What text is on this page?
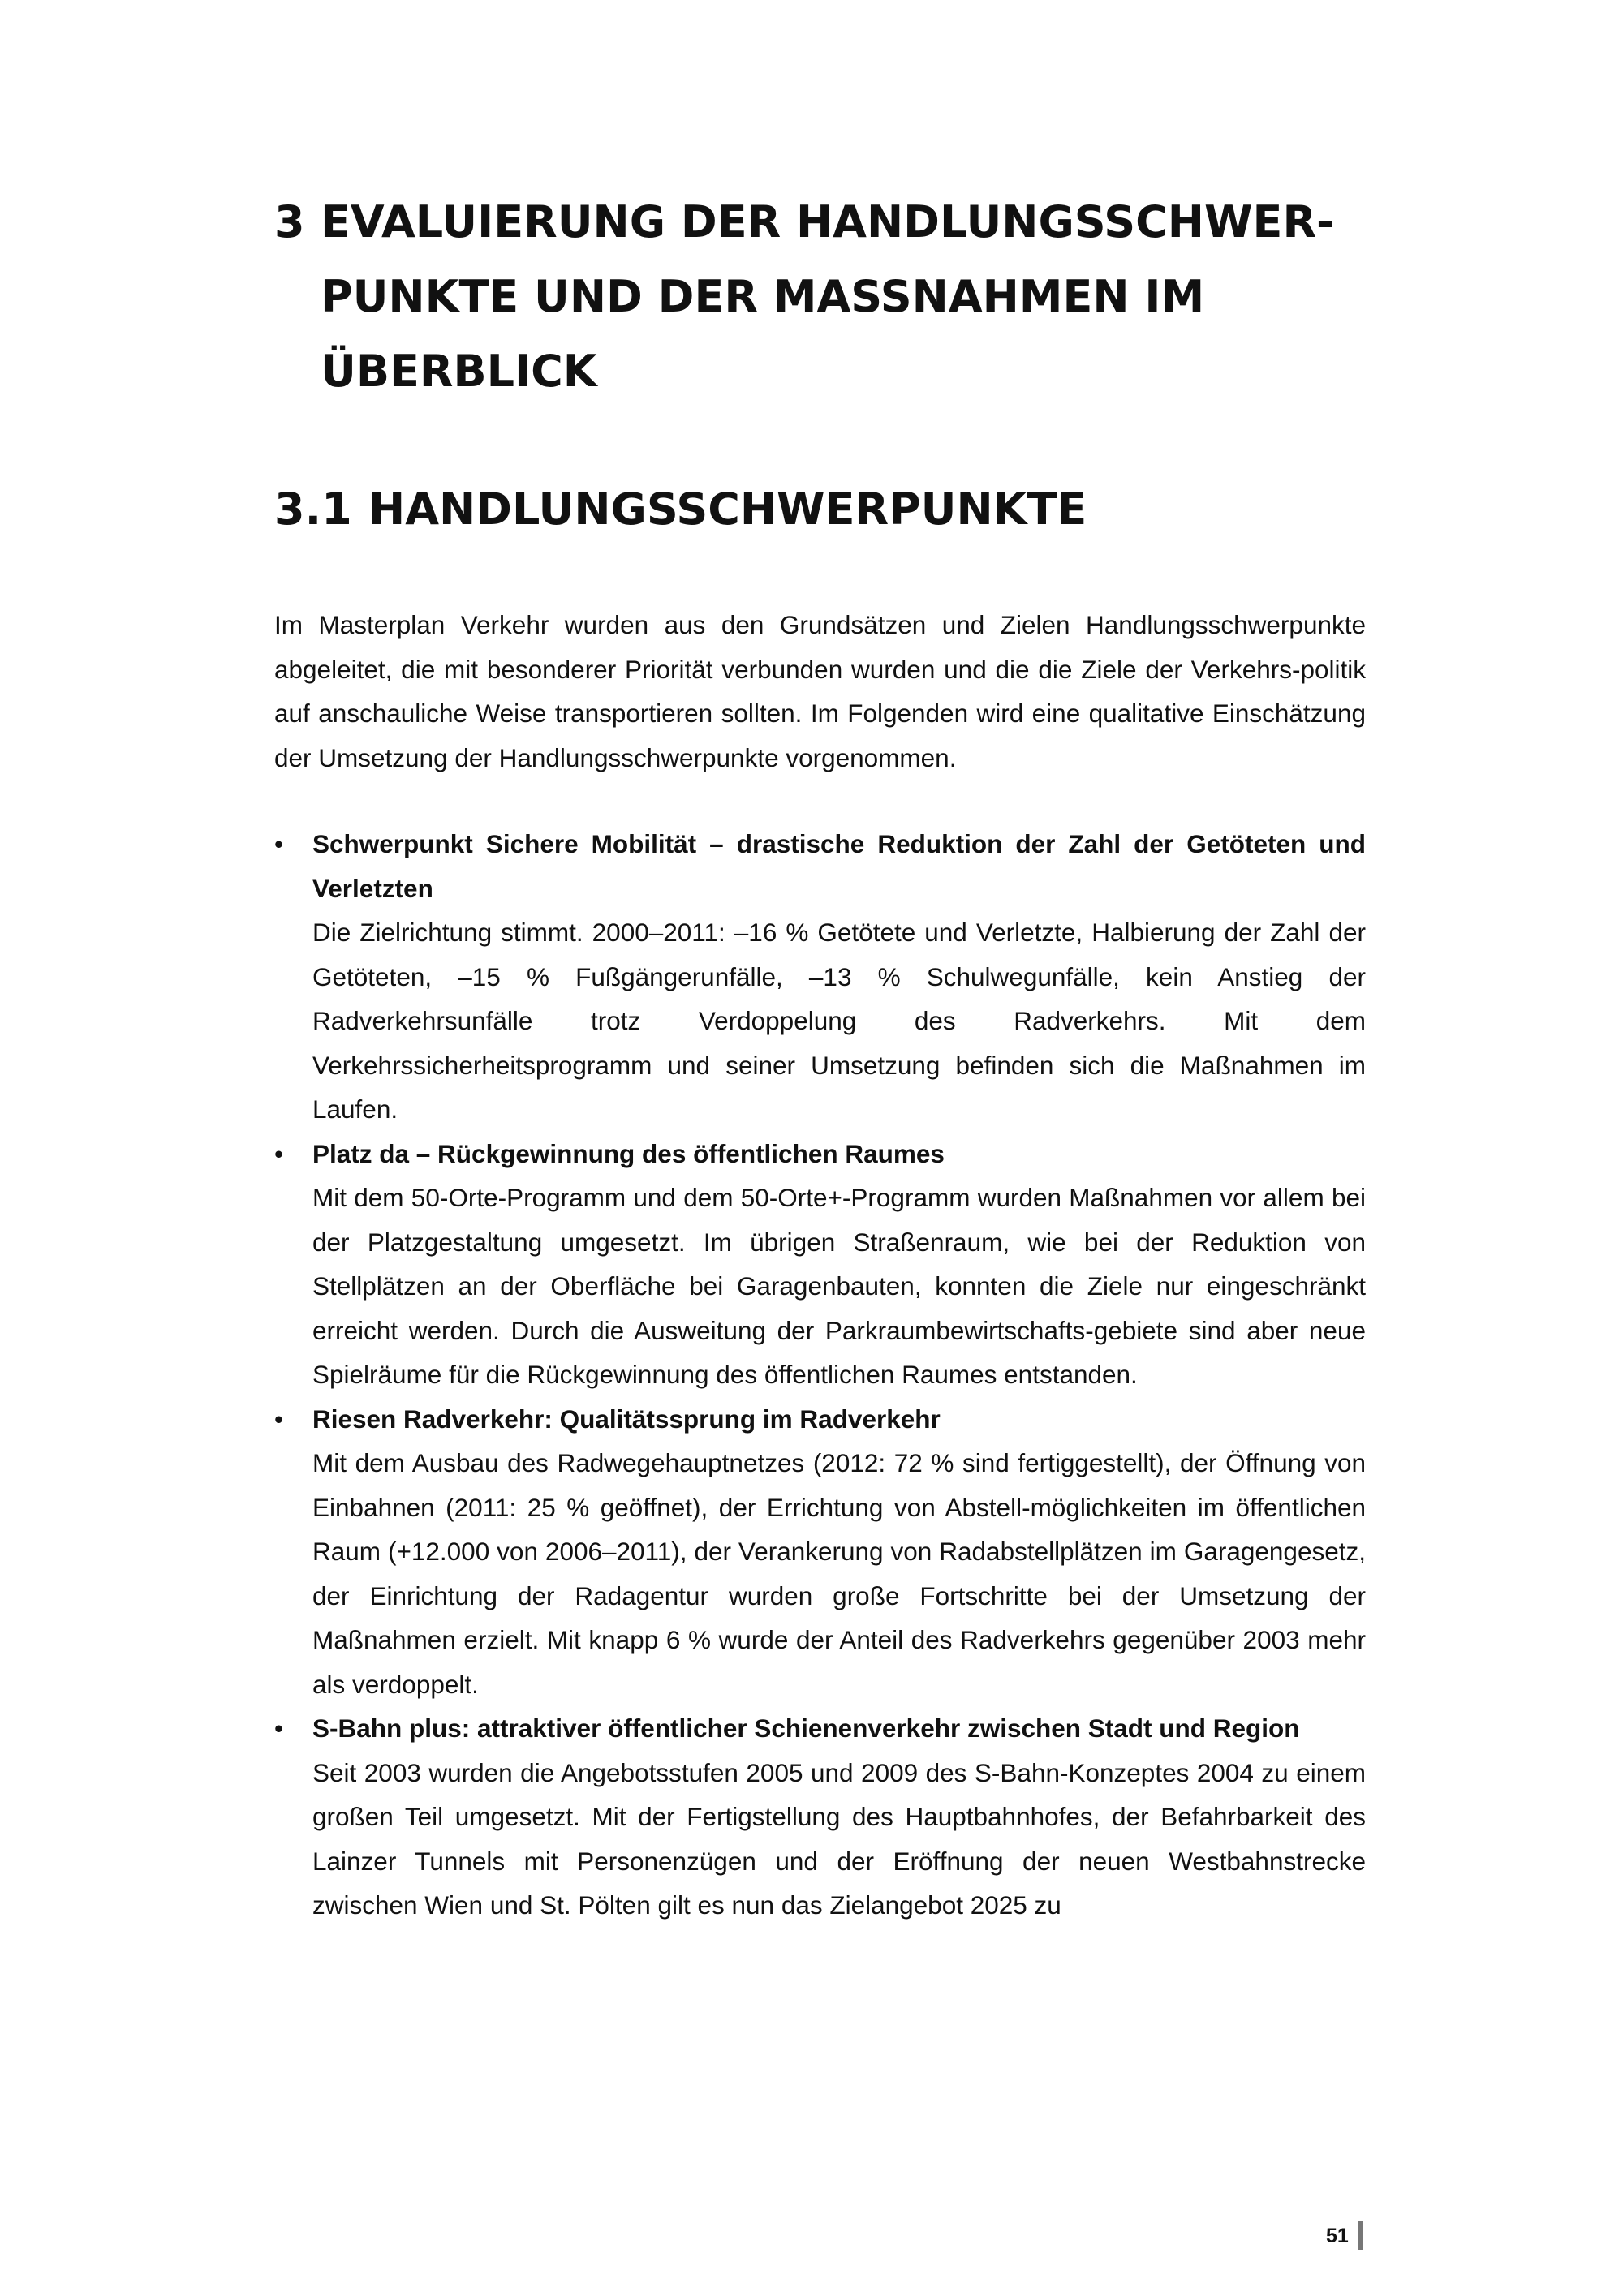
3 EVALUIERUNG DER HANDLUNGSSCHWER-PUNKTE UND DER MASSNAHMEN IM ÜBERBLICK
3.1 HANDLUNGSSCHWERPUNKTE

Im Masterplan Verkehr wurden aus den Grundsätzen und Zielen Handlungsschwerpunkte abgeleitet, die mit besonderer Priorität verbunden wurden und die die Ziele der Verkehrs-politik auf anschauliche Weise transportieren sollten. Im Folgenden wird eine qualitative Einschätzung der Umsetzung der Handlungsschwerpunkte vorgenommen.

• Schwerpunkt Sichere Mobilität – drastische Reduktion der Zahl der Getöteten und Verletzten
Die Zielrichtung stimmt. 2000–2011: –16 % Getötete und Verletzte, Halbierung der Zahl der Getöteten, –15 % Fußgängerunfälle, –13 % Schulwegunfälle, kein Anstieg der Radverkehrsunfälle trotz Verdoppelung des Radverkehrs. Mit dem Verkehrssicherheitsprogramm und seiner Umsetzung befinden sich die Maßnahmen im Laufen.
• Platz da – Rückgewinnung des öffentlichen Raumes
Mit dem 50-Orte-Programm und dem 50-Orte+-Programm wurden Maßnahmen vor allem bei der Platzgestaltung umgesetzt. Im übrigen Straßenraum, wie bei der Reduktion von Stellplätzen an der Oberfläche bei Garagenbauten, konnten die Ziele nur eingeschränkt erreicht werden. Durch die Ausweitung der Parkraumbewirtschafts-gebiete sind aber neue Spielräume für die Rückgewinnung des öffentlichen Raumes entstanden.
• Riesen Radverkehr: Qualitätssprung im Radverkehr
Mit dem Ausbau des Radwegehauptnetzes (2012: 72 % sind fertiggestellt), der Öffnung von Einbahnen (2011: 25 % geöffnet), der Errichtung von Abstell-möglichkeiten im öffentlichen Raum (+12.000 von 2006–2011), der Verankerung von Radabstellplätzen im Garagengesetz, der Einrichtung der Radagentur wurden große Fortschritte bei der Umsetzung der Maßnahmen erzielt. Mit knapp 6 % wurde der Anteil des Radverkehrs gegenüber 2003 mehr als verdoppelt.
• S-Bahn plus: attraktiver öffentlicher Schienenverkehr zwischen Stadt und Region
Seit 2003 wurden die Angebotsstufen 2005 und 2009 des S-Bahn-Konzeptes 2004 zu einem großen Teil umgesetzt. Mit der Fertigstellung des Hauptbahnhofes, der Befahrbarkeit des Lainzer Tunnels mit Personenzügen und der Eröffnung der neuen Westbahnstrecke zwischen Wien und St. Pölten gilt es nun das Zielangebot 2025 zu
51
